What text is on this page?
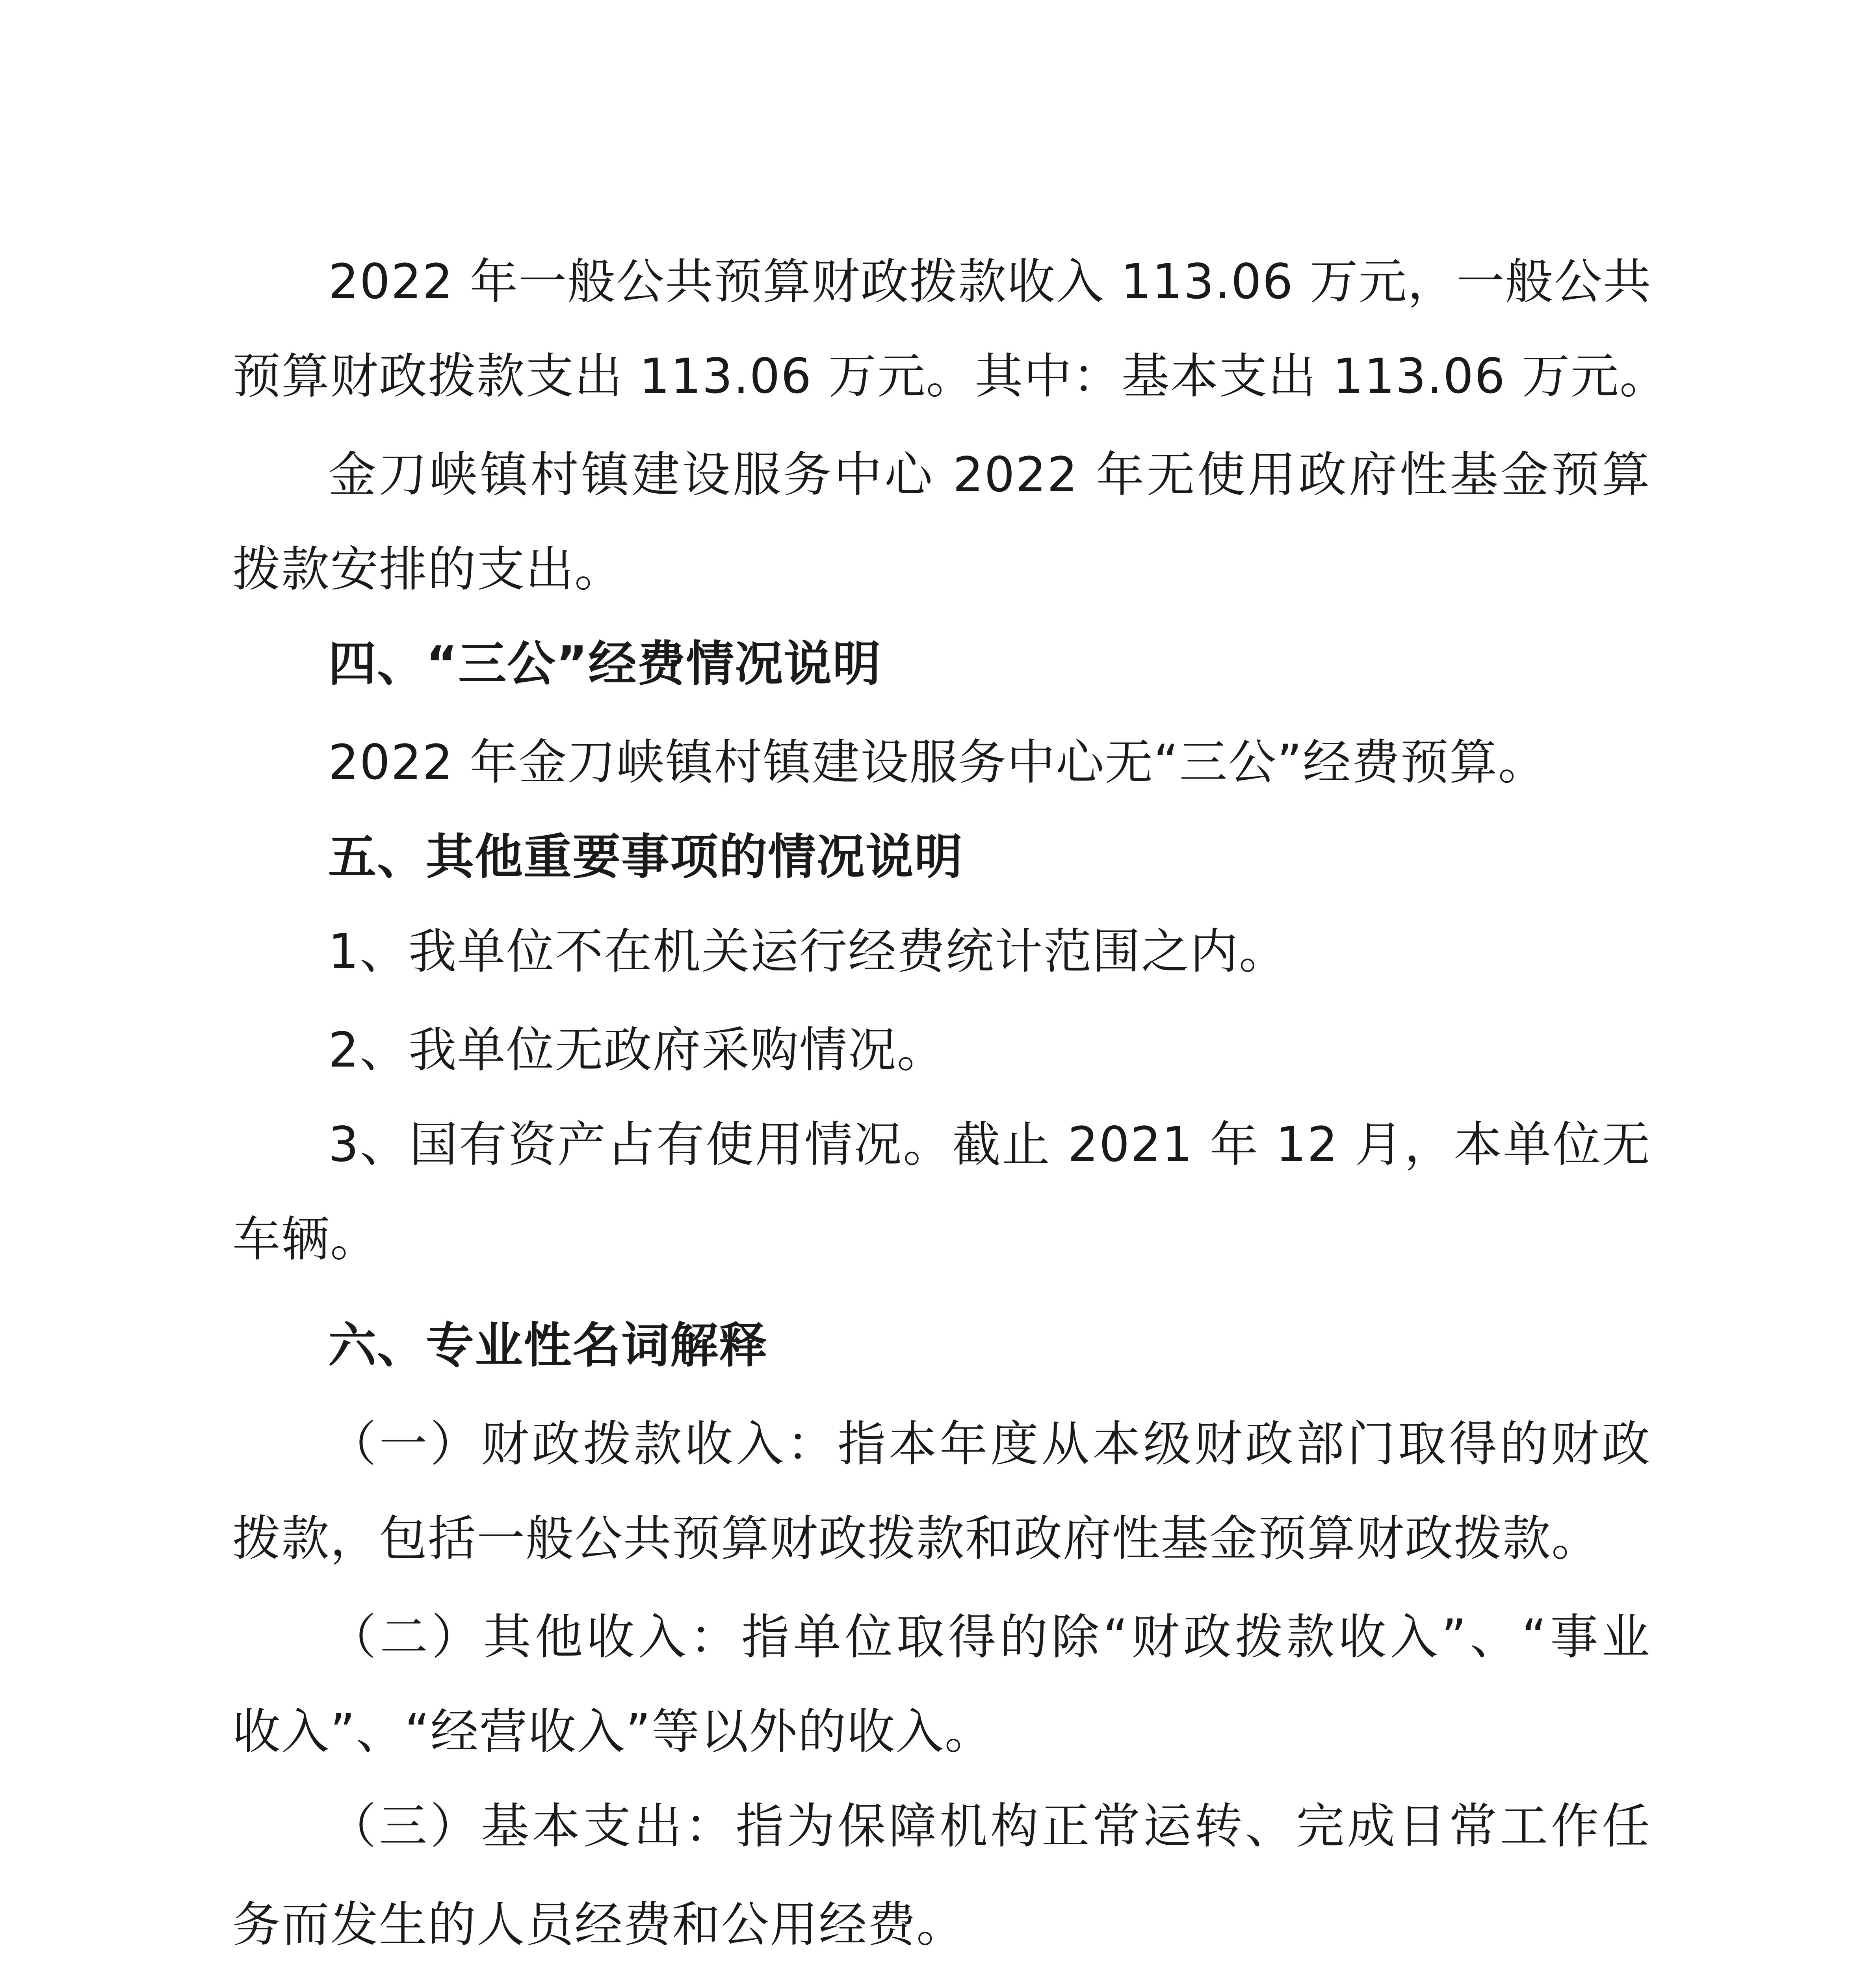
2022 年一般公共预算财政拨款收入 113.06 万元，一般公共
预算财政拨款支出 113.06 万元。其中：基本支出 113.06 万元。
金刀峡镇村镇建设服务中心 2022 年无使用政府性基金预算
拨款安排的支出。
四、“三公”经费情况说明
2022 年金刀峡镇村镇建设服务中心无“三公”经费预算。
五、其他重要事项的情况说明
1、我单位不在机关运行经费统计范围之内。
2、我单位无政府采购情况。
3、国有资产占有使用情况。截止 2021 年 12 月，本单位无
车辆。
六、专业性名词解释
（一）财政拨款收入：指本年度从本级财政部门取得的财政
拨款，包括一般公共预算财政拨款和政府性基金预算财政拨款。
（二）其他收入：指单位取得的除“财政拨款收入”、“事业
收入”、“经营收入”等以外的收入。
（三）基本支出：指为保障机构正常运转、完成日常工作任
务而发生的人员经费和公用经费。
